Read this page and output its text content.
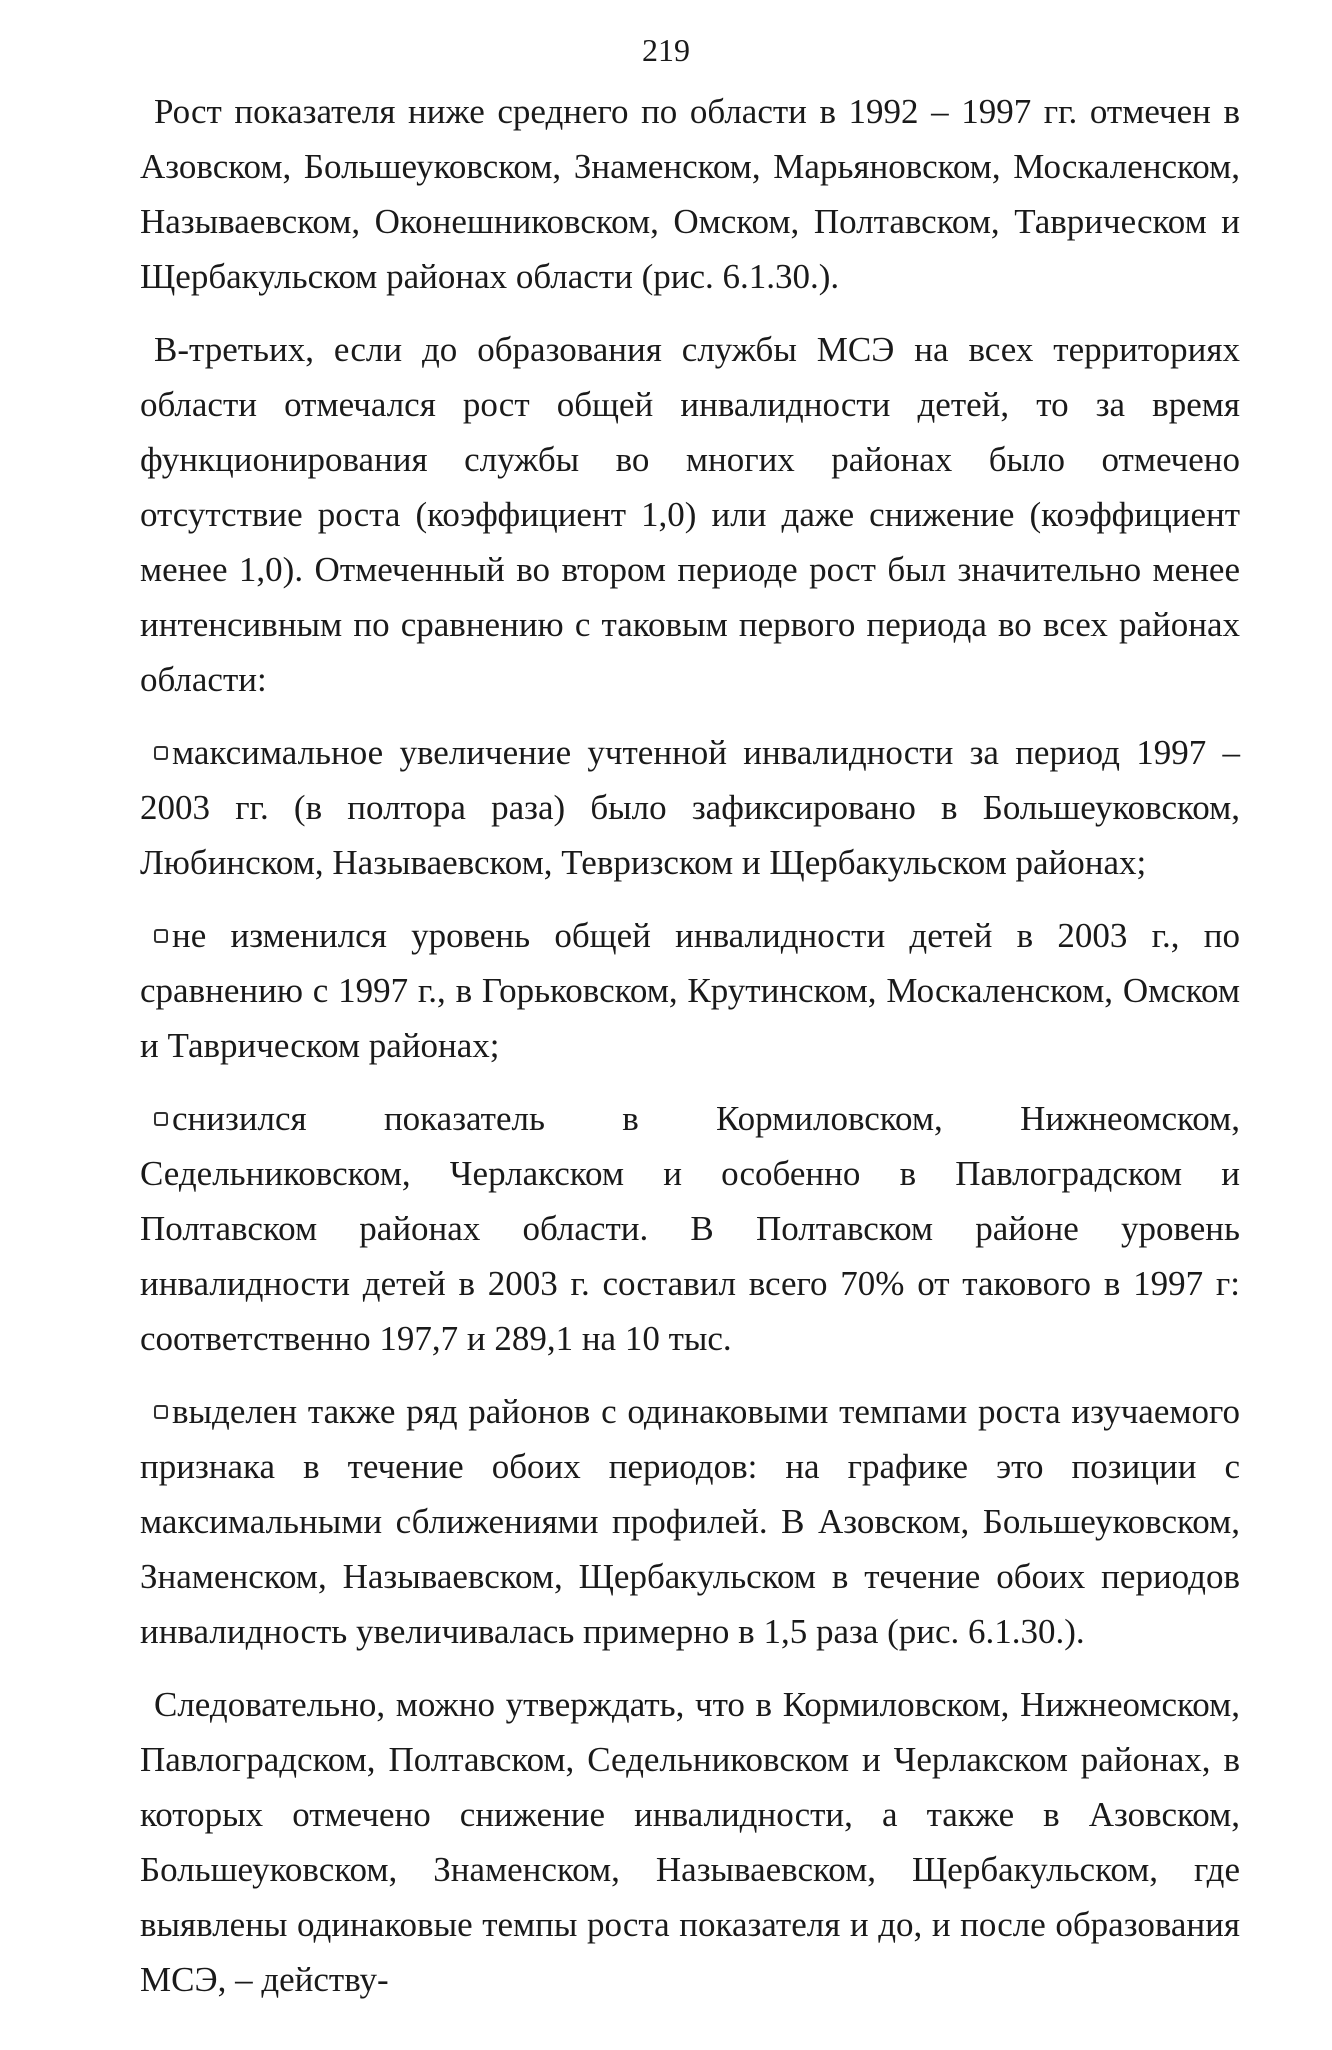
219

Рост показателя ниже среднего по области в 1992 – 1997 гг. отмечен в Азовском, Большеуковском, Знаменском, Марьяновском, Москаленском, Называевском, Оконешниковском, Омском, Полтавском, Таврическом и Щербакульском районах области (рис. 6.1.30.).

В-третьих, если до образования службы МСЭ на всех территориях области отмечался рост общей инвалидности детей, то за время функционирования службы во многих районах было отмечено отсутствие роста (коэффициент 1,0) или даже снижение (коэффициент менее 1,0). Отмеченный во втором периоде рост был значительно менее интенсивным по сравнению с таковым первого периода во всех районах области:

максимальное увеличение учтенной инвалидности за период 1997 – 2003 гг. (в полтора раза) было зафиксировано в Большеуковском, Любинском, Называевском, Тевризском и Щербакульском районах;

не изменился уровень общей инвалидности детей в 2003 г., по сравнению с 1997 г., в Горьковском, Крутинском, Москаленском, Омском и Таврическом районах;

снизился показатель в Кормиловском, Нижнеомском, Седельниковском, Черлакском и особенно в Павлоградском и Полтавском районах области. В Полтавском районе уровень инвалидности детей в 2003 г. составил всего 70% от такового в 1997 г: соответственно 197,7 и 289,1 на 10 тыс.

выделен также ряд районов с одинаковыми темпами роста изучаемого признака в течение обоих периодов: на графике это позиции с максимальными сближениями профилей. В Азовском, Большеуковском, Знаменском, Называевском, Щербакульском в течение обоих периодов инвалидность увеличивалась примерно в 1,5 раза (рис. 6.1.30.).

Следовательно, можно утверждать, что в Кормиловском, Нижнеомском, Павлоградском, Полтавском, Седельниковском и Черлакском районах, в которых отмечено снижение инвалидности, а также в Азовском, Большеуковском, Знаменском, Называевском, Щербакульском, где выявлены одинаковые темпы роста показателя и до, и после образования МСЭ, – действу-
